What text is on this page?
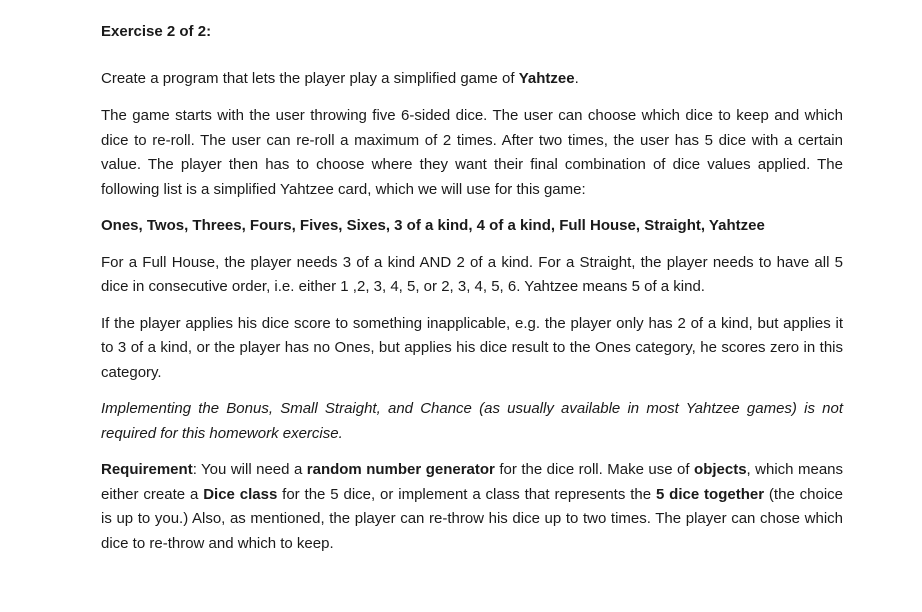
Exercise 2 of 2:

Create a program that lets the player play a simplified game of Yahtzee.

The game starts with the user throwing five 6-sided dice. The user can choose which dice to keep and which dice to re-roll. The user can re-roll a maximum of 2 times. After two times, the user has 5 dice with a certain value. The player then has to choose where they want their final combination of dice values applied. The following list is a simplified Yahtzee card, which we will use for this game:

Ones, Twos, Threes, Fours, Fives, Sixes, 3 of a kind, 4 of a kind, Full House, Straight, Yahtzee

For a Full House, the player needs 3 of a kind AND 2 of a kind. For a Straight, the player needs to have all 5 dice in consecutive order, i.e. either 1 ,2, 3, 4, 5, or 2, 3, 4, 5, 6. Yahtzee means 5 of a kind.

If the player applies his dice score to something inapplicable, e.g. the player only has 2 of a kind, but applies it to 3 of a kind, or the player has no Ones, but applies his dice result to the Ones category, he scores zero in this category.

Implementing the Bonus, Small Straight, and Chance (as usually available in most Yahtzee games) is not required for this homework exercise.

Requirement: You will need a random number generator for the dice roll. Make use of objects, which means either create a Dice class for the 5 dice, or implement a class that represents the 5 dice together (the choice is up to you.) Also, as mentioned, the player can re-throw his dice up to two times. The player can chose which dice to re-throw and which to keep.
